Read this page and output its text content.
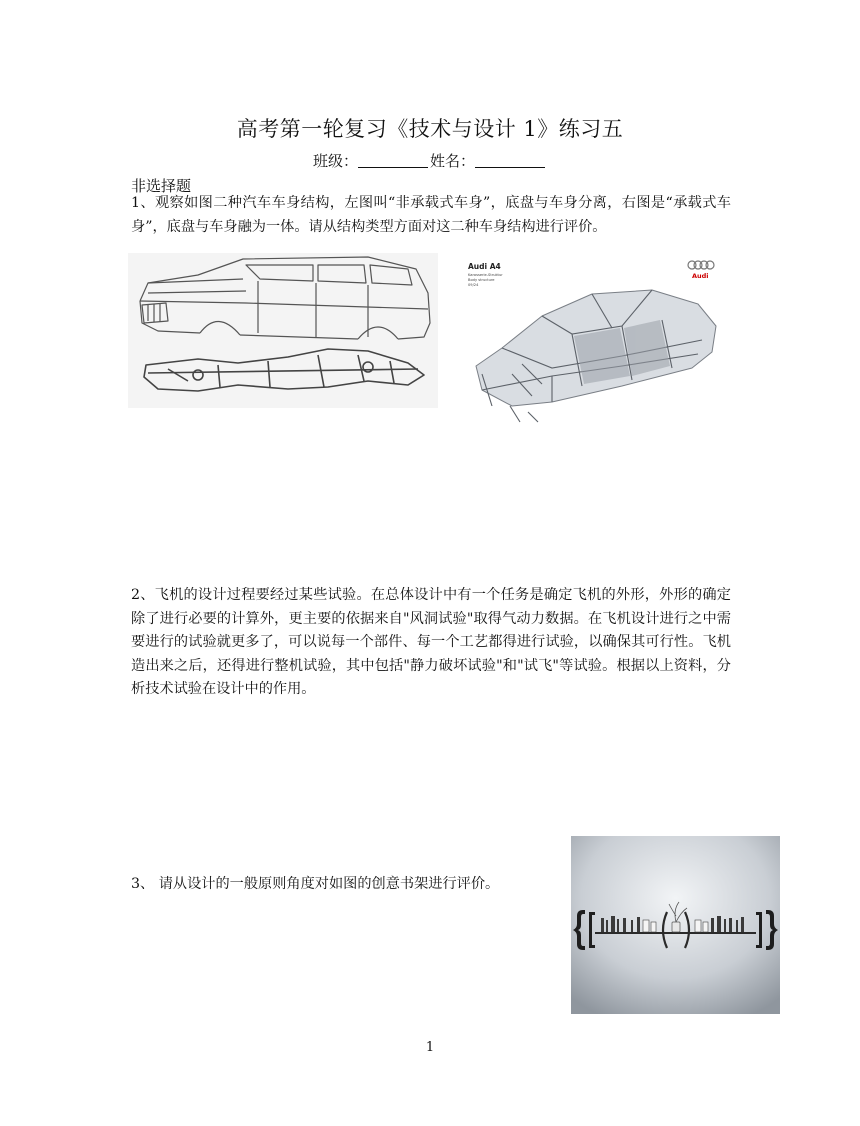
高考第一轮复习《技术与设计 1》练习五
班级：	姓名：
非选择题
1、观察如图二种汽车车身结构，左图叫“非承载式车身”，底盘与车身分离，右图是“承载式车身”，底盘与车身融为一体。请从结构类型方面对这二种车身结构进行评价。
Audi A4
Karosserie-Struktur
Body structure
09/24
Audi
2、飞机的设计过程要经过某些试验。在总体设计中有一个任务是确定飞机的外形，外形的确定除了进行必要的计算外，更主要的依据来自"风洞试验"取得气动力数据。在飞机设计进行之中需要进行的试验就更多了，可以说每一个部件、每一个工艺都得进行试验，以确保其可行性。飞机造出来之后，还得进行整机试验，其中包括"静力破坏试验"和"试飞"等试验。根据以上资料，分析技术试验在设计中的作用。
3、 请从设计的一般原则角度对如图的创意书架进行评价。
1
